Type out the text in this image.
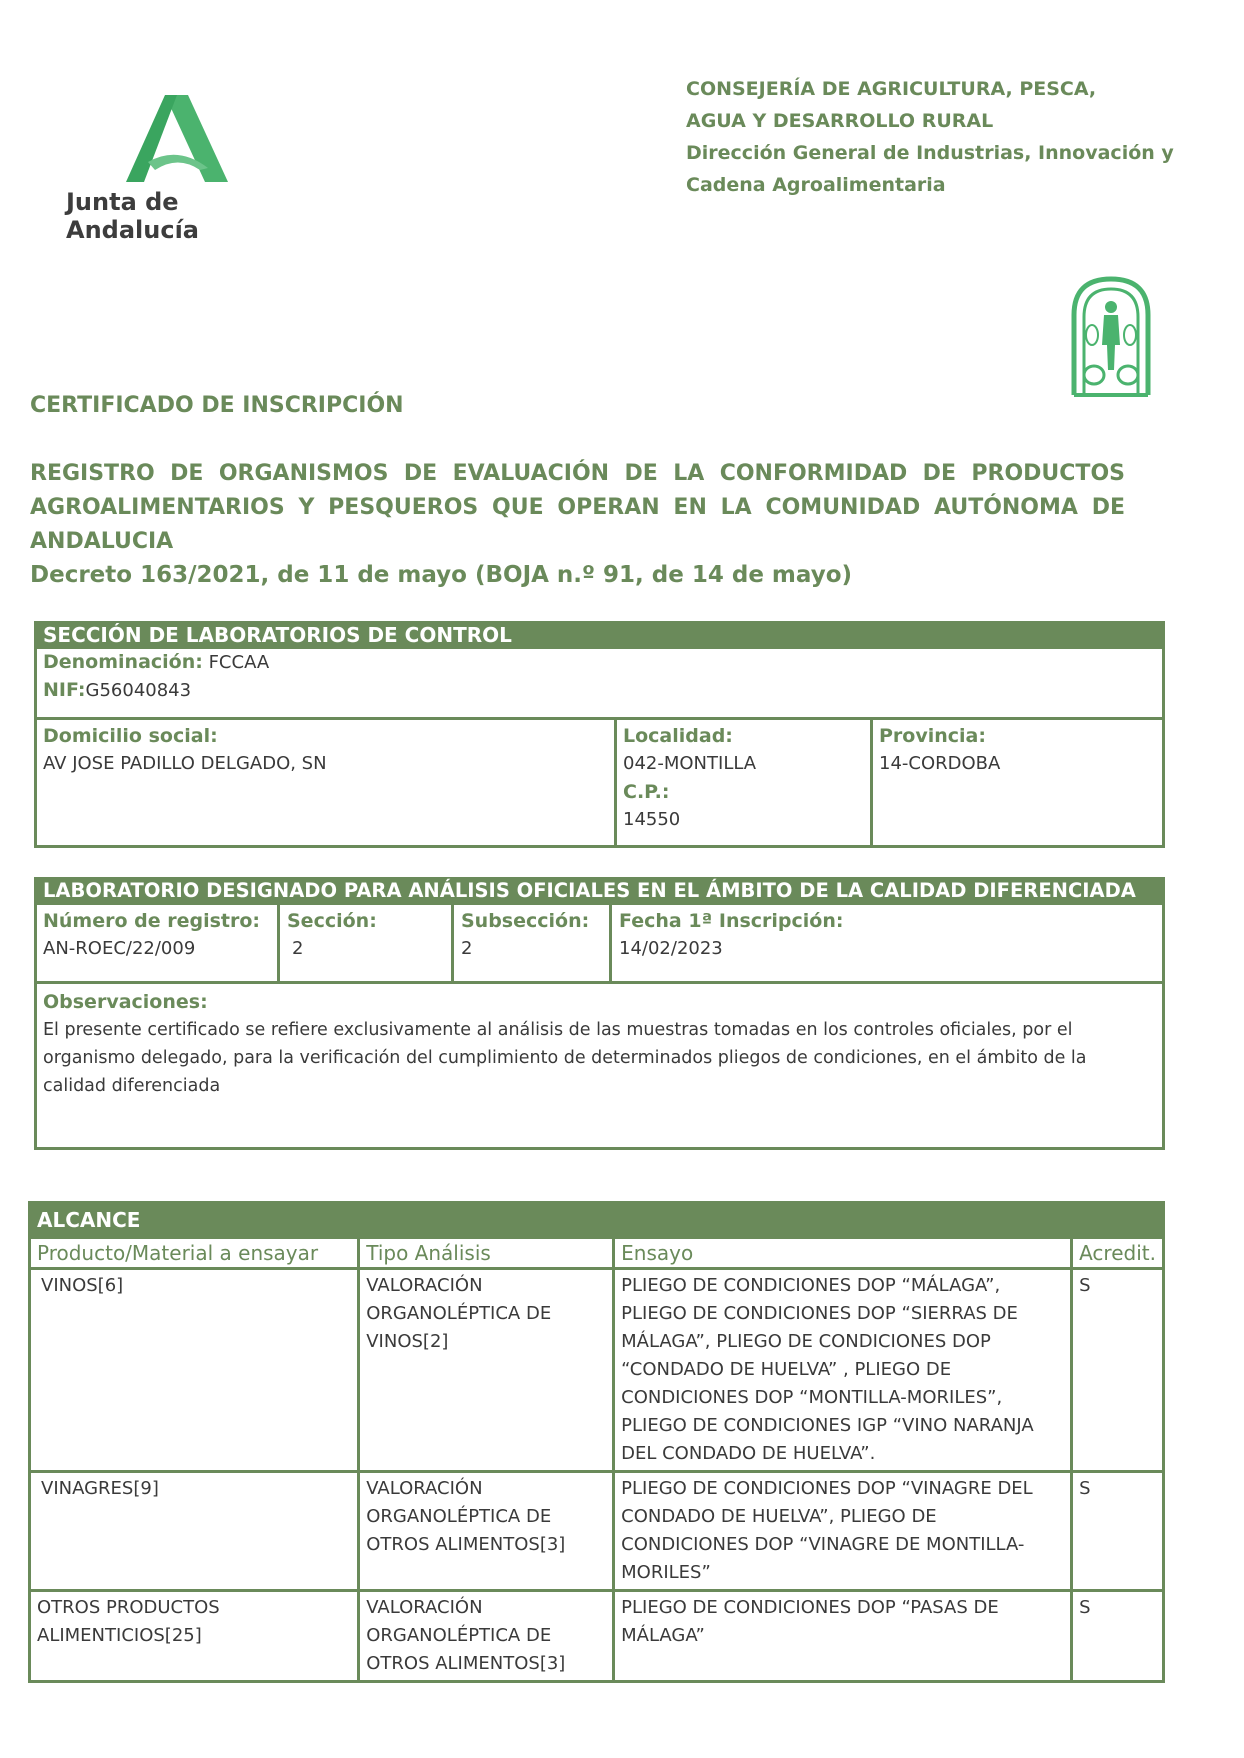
Junta de Andalucía
CONSEJERÍA DE AGRICULTURA, PESCA,
AGUA Y DESARROLLO RURAL
Dirección General de Industrias, Innovación y
Cadena Agroalimentaria
CERTIFICADO DE INSCRIPCIÓN
REGISTRO DE ORGANISMOS DE EVALUACIÓN DE LA CONFORMIDAD DE PRODUCTOS
AGROALIMENTARIOS Y PESQUEROS QUE OPERAN EN LA COMUNIDAD AUTÓNOMA DE ANDALUCIA
Decreto 163/2021, de 11 de mayo (BOJA n.º 91, de 14 de mayo)
SECCIÓN DE LABORATORIOS DE CONTROL
Denominación: FCCAA
NIF:G56040843
Domicilio social:
AV JOSE PADILLO DELGADO, SN
Localidad:
042-MONTILLA
C.P.:
14550
Provincia:
14-CORDOBA
LABORATORIO DESIGNADO PARA ANÁLISIS OFICIALES EN EL ÁMBITO DE LA CALIDAD DIFERENCIADA
Número de registro:
AN-ROEC/22/009
Sección:
2
Subsección:
2
Fecha 1ª Inscripción:
14/02/2023
Observaciones:
El presente certificado se refiere exclusivamente al análisis de las muestras tomadas en los controles oficiales, por el organismo delegado, para la verificación del cumplimiento de determinados pliegos de condiciones, en el ámbito de la calidad diferenciada
ALCANCE			
Producto/Material a ensayar	Tipo Análisis	Ensayo	Acredit.
VINOS[6]	VALORACIÓN ORGANOLÉPTICA DE VINOS[2]	PLIEGO DE CONDICIONES DOP “MÁLAGA”, PLIEGO DE CONDICIONES DOP “SIERRAS DE MÁLAGA”, PLIEGO DE CONDICIONES DOP “CONDADO DE HUELVA” , PLIEGO DE CONDICIONES DOP “MONTILLA-MORILES”, PLIEGO DE CONDICIONES IGP “VINO NARANJA DEL CONDADO DE HUELVA”.	S
VINAGRES[9]	VALORACIÓN ORGANOLÉPTICA DE OTROS ALIMENTOS[3]	PLIEGO DE CONDICIONES DOP “VINAGRE DEL CONDADO DE HUELVA”, PLIEGO DE CONDICIONES DOP “VINAGRE DE MONTILLA-MORILES”	S
OTROS PRODUCTOS ALIMENTICIOS[25]	VALORACIÓN ORGANOLÉPTICA DE OTROS ALIMENTOS[3]	PLIEGO DE CONDICIONES DOP “PASAS DE MÁLAGA”	S
